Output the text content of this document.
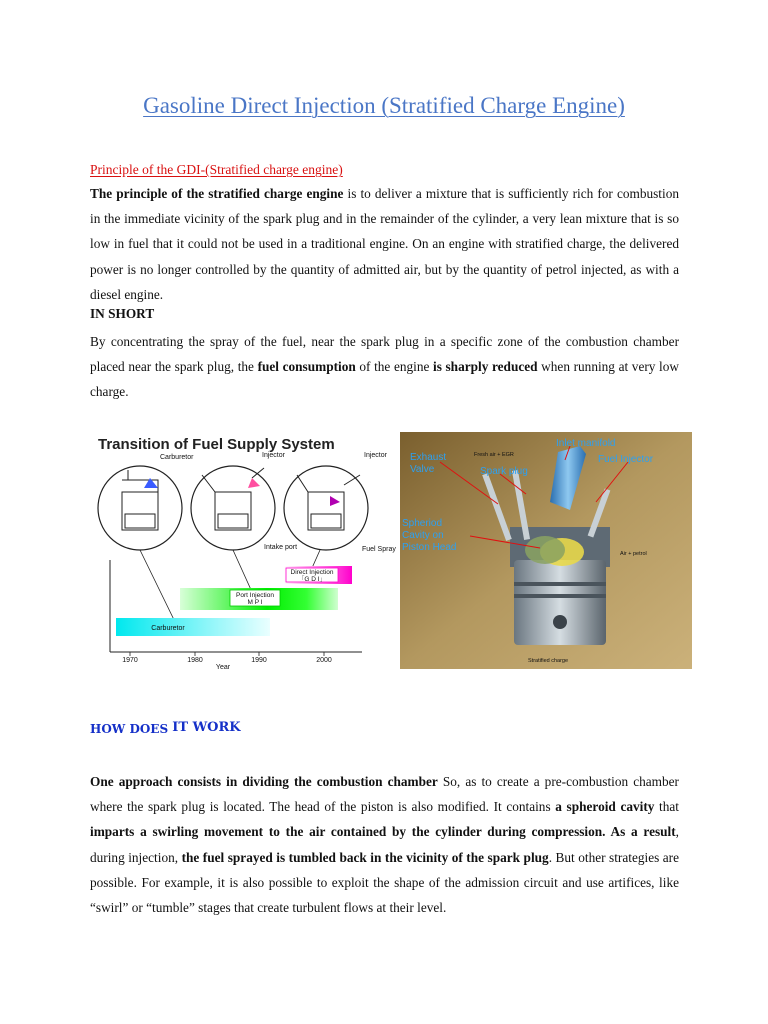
Gasoline Direct Injection (Stratified Charge Engine)
Principle of the GDI-(Stratified charge engine)
The principle of the stratified charge engine is to deliver a mixture that is sufficiently rich for combustion in the immediate vicinity of the spark plug and in the remainder of the cylinder, a very lean mixture that is so low in fuel that it could not be used in a traditional engine. On an engine with stratified charge, the delivered power is no longer controlled by the quantity of admitted air, but by the quantity of petrol injected, as with a diesel engine.
IN SHORT
By concentrating the spray of the fuel, near the spark plug in a specific zone of the combustion chamber placed near the spark plug, the fuel consumption of the engine is sharply reduced when running at very low charge.
Transition of Fuel Supply System
Carburetor	Injector	Injector
Intake port	Fuel Spray
Direct Injection
「G D I」
Port Injection
M P I
Carburetor
1970	1980	1990	2000
Year
Exhaust
Valve
Inlet manifold
Spark plug
Fuel Injector
Spheriod
Cavity on
Piston Head
Fresh air + EGR
Air + petrol
Stratified charge
HOW DOES IT WORK
One approach consists in dividing the combustion chamber So, as to create a pre-combustion chamber where the spark plug is located. The head of the piston is also modified. It contains a spheroid cavity that imparts a swirling movement to the air contained by the cylinder during compression. As a result, during injection, the fuel sprayed is tumbled back in the vicinity of the spark plug. But other strategies are possible. For example, it is also possible to exploit the shape of the admission circuit and use artifices, like “swirl” or “tumble” stages that create turbulent flows at their level.
